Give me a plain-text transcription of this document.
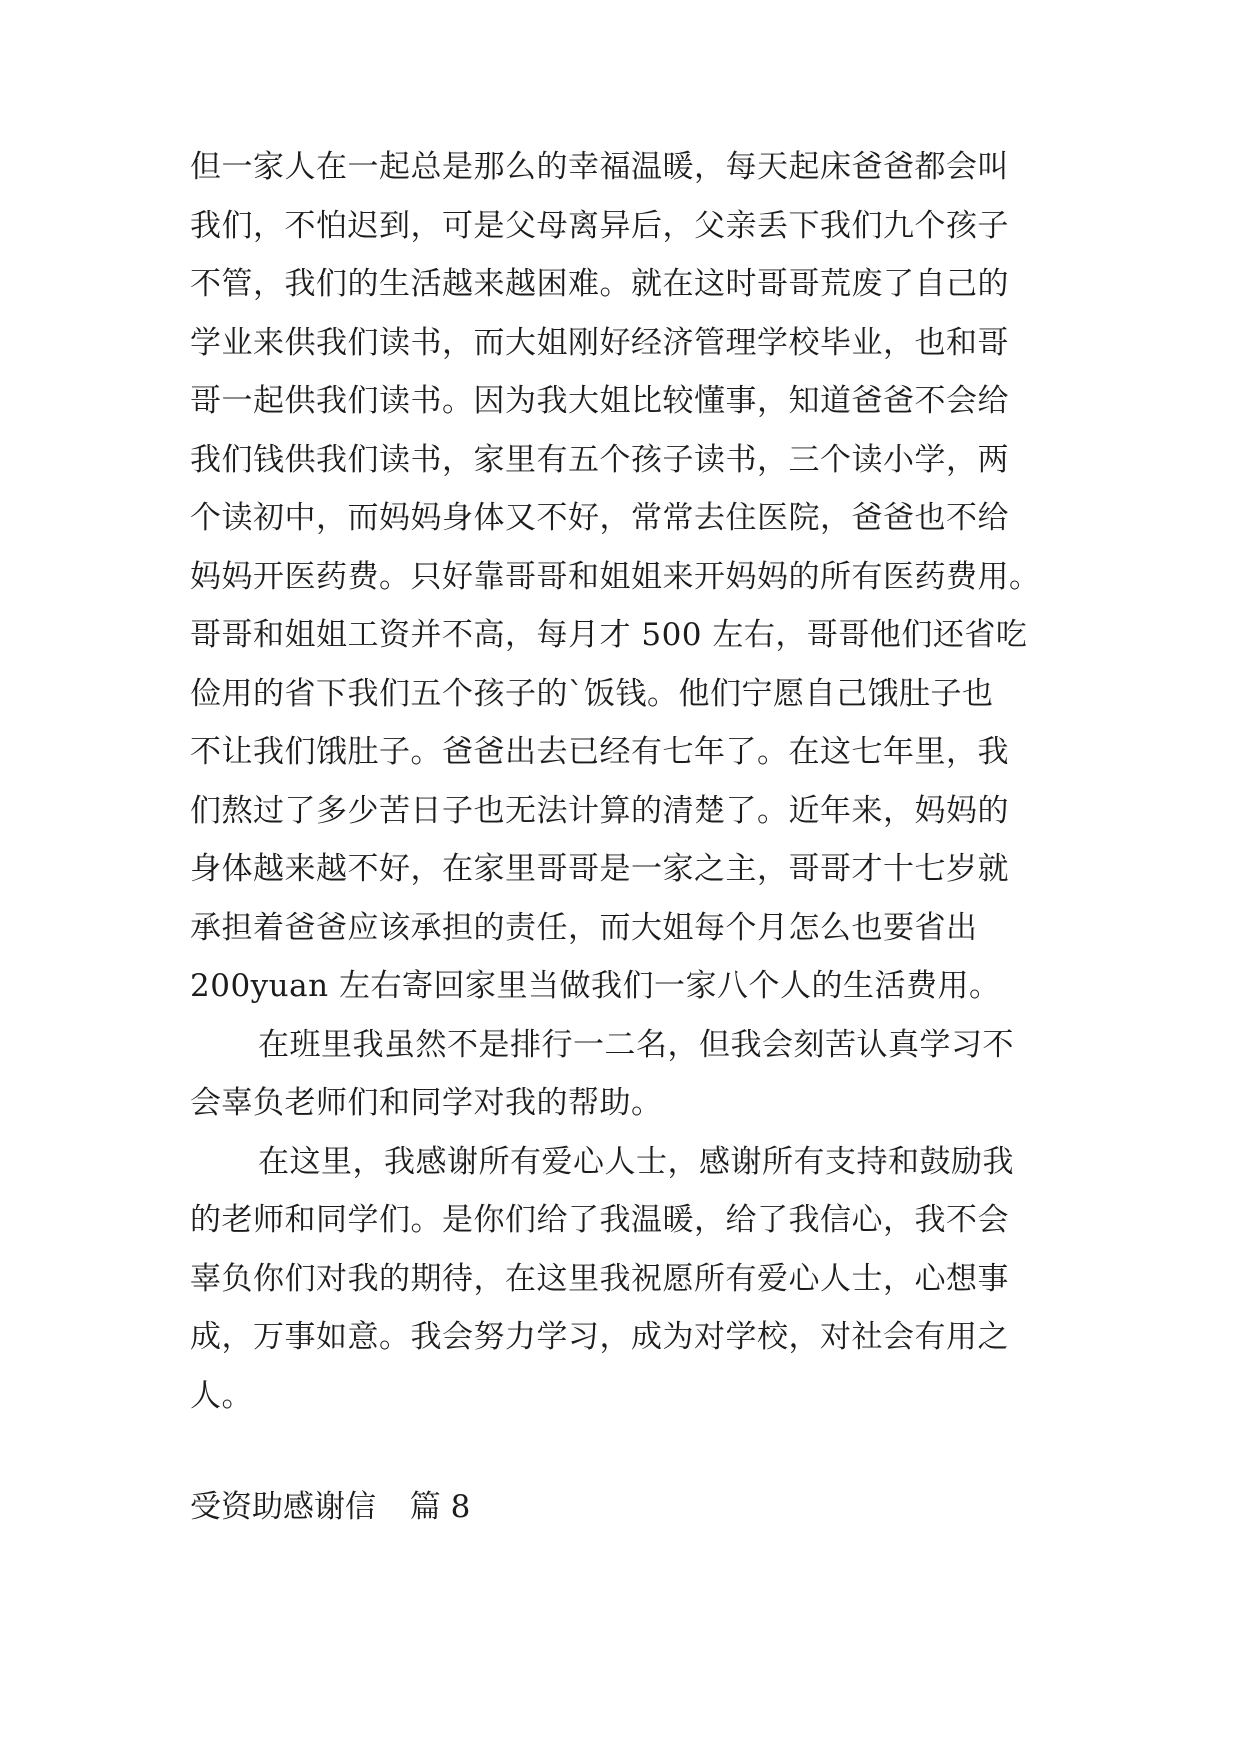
但一家人在一起总是那么的幸福温暖，每天起床爸爸都会叫
我们，不怕迟到，可是父母离异后，父亲丢下我们九个孩子
不管，我们的生活越来越困难。就在这时哥哥荒废了自己的
学业来供我们读书，而大姐刚好经济管理学校毕业，也和哥
哥一起供我们读书。因为我大姐比较懂事，知道爸爸不会给
我们钱供我们读书，家里有五个孩子读书，三个读小学，两
个读初中，而妈妈身体又不好，常常去住医院，爸爸也不给
妈妈开医药费。只好靠哥哥和姐姐来开妈妈的所有医药费用。
哥哥和姐姐工资并不高，每月才 500 左右，哥哥他们还省吃
俭用的省下我们五个孩子的`饭钱。他们宁愿自己饿肚子也
不让我们饿肚子。爸爸出去已经有七年了。在这七年里，我
们熬过了多少苦日子也无法计算的清楚了。近年来，妈妈的
身体越来越不好，在家里哥哥是一家之主，哥哥才十七岁就
承担着爸爸应该承担的责任，而大姐每个月怎么也要省出
200yuan 左右寄回家里当做我们一家八个人的生活费用。
在班里我虽然不是排行一二名，但我会刻苦认真学习不
会辜负老师们和同学对我的帮助。
在这里，我感谢所有爱心人士，感谢所有支持和鼓励我
的老师和同学们。是你们给了我温暖，给了我信心，我不会
辜负你们对我的期待，在这里我祝愿所有爱心人士，心想事
成，万事如意。我会努力学习，成为对学校，对社会有用之
人。
受资助感谢信 篇 8
